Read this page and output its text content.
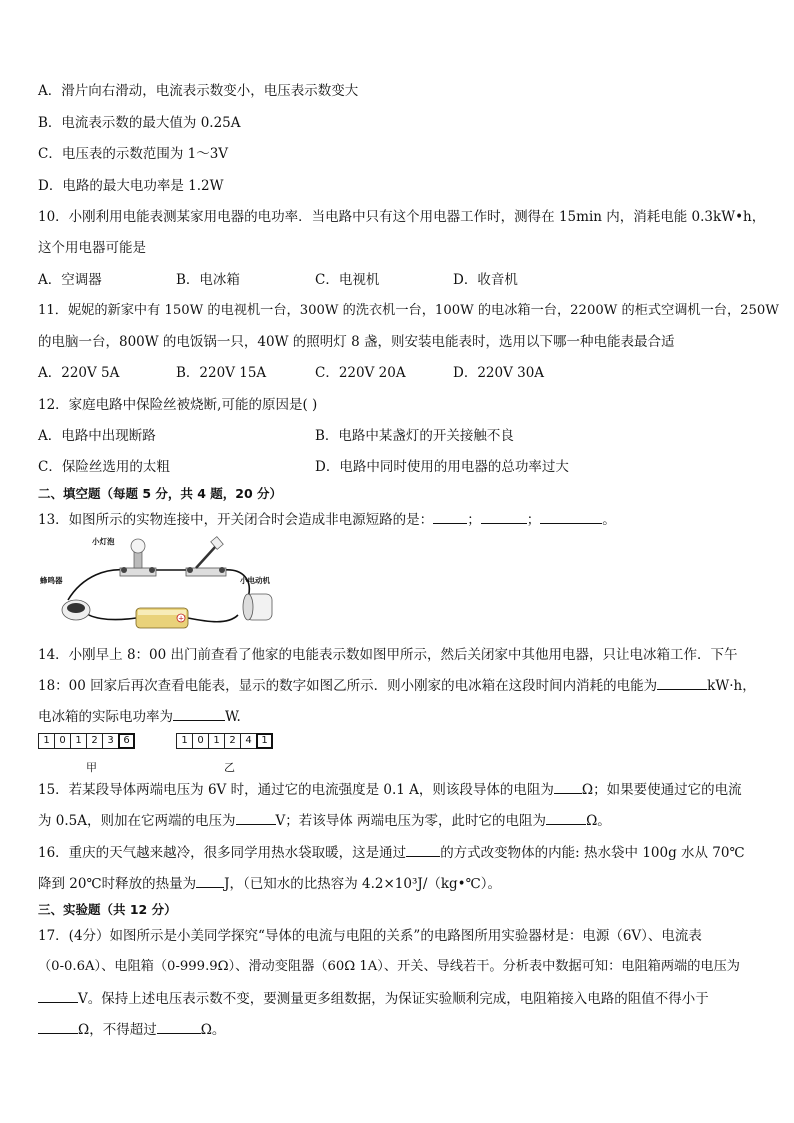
A．滑片向右滑动，电流表示数变小，电压表示数变大
B．电流表示数的最大值为 0.25A
C．电压表的示数范围为 1～3V
D．电路的最大电功率是 1.2W
10．小刚利用电能表测某家用电器的电功率．当电路中只有这个用电器工作时，测得在 15min 内，消耗电能 0.3kW•h，
这个用电器可能是
A．空调器	B．电冰箱	C．电视机	D．收音机
11．妮妮的新家中有 150W 的电视机一台，300W 的洗衣机一台，100W 的电冰箱一台，2200W 的柜式空调机一台，250W
的电脑一台，800W 的电饭锅一只，40W 的照明灯 8 盏，则安装电能表时，选用以下哪一种电能表最合适
A．220V 5A	B．220V 15A	C．220V 20A	D．220V 30A
12．家庭电路中保险丝被烧断,可能的原因是( )
A．电路中出现断路	B．电路中某盏灯的开关接触不良
C．保险丝选用的太粗	D．电路中同时使用的用电器的总功率过大
二、填空题（每题 5 分，共 4 题，20 分）
13．如图所示的实物连接中，开关闭合时会造成非电源短路的是：	；	；	。
+
小灯泡
蜂鸣器	小电动机
14．小刚早上 8：00 出门前查看了他家的电能表示数如图甲所示，然后关闭家中其他用电器，只让电冰箱工作．下午
18：00 回家后再次查看电能表，显示的数字如图乙所示．则小刚家的电冰箱在这段时间内消耗的电能为	kW·h，
电冰箱的实际电功率为	W.
1 0 1 2 3 6	1 0 1 2 4 1
甲	乙
15．若某段导体两端电压为 6V 时，通过它的电流强度是 0.1 A，则该段导体的电阻为 Ω；如果要使通过它的电流
为 0.5A，则加在它两端的电压为	V；若该导体 两端电压为零，此时它的电阻为	Ω。
16．重庆的天气越来越冷，很多同学用热水袋取暖，这是通过	的方式改变物体的内能: 热水袋中 100g 水从 70℃
降到 20℃时释放的热量为 J，（已知水的比热容为 4.2×10³J/（kg•℃）。
三、实验题（共 12 分）
17．(4分）如图所示是小美同学探究“导体的电流与电阻的关系”的电路图所用实验器材是：电源（6V）、电流表
（0-0.6A）、电阻箱（0-999.9Ω）、滑动变阻器（60Ω 1A）、开关、导线若干。分析表中数据可知：电阻箱两端的电压为
V。保持上述电压表示数不变，要测量更多组数据，为保证实验顺利完成，电阻箱接入电路的阻值不得小于
Ω，不得超过	Ω。
